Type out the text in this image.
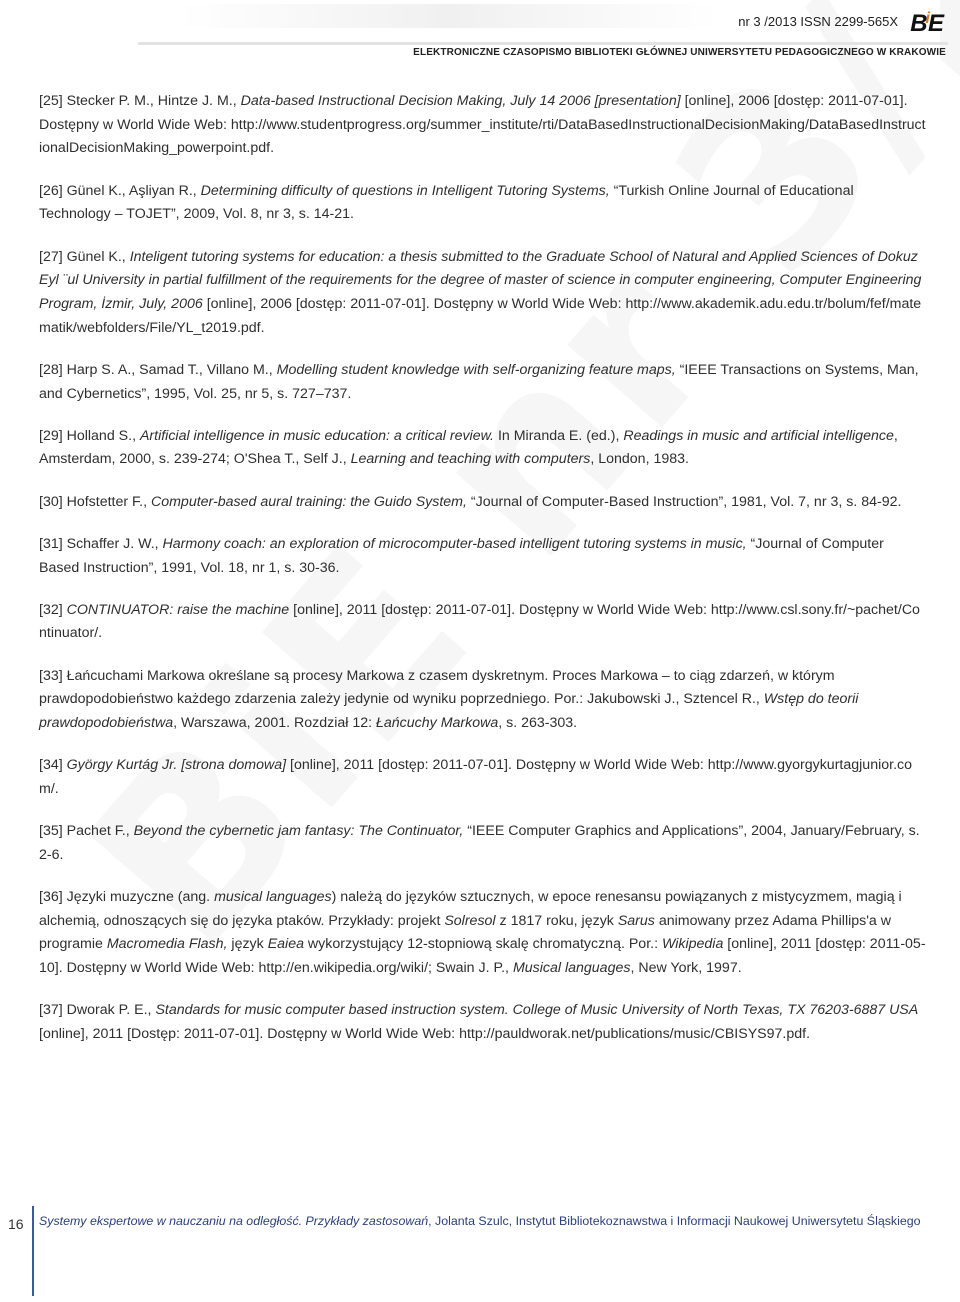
nr 3 /2013 ISSN 2299-565X $B^iE$
ELEKTRONICZNE CZASOPISMO BIBLIOTEKI GŁÓWNEJ UNIWERSYTETU PEDAGOGICZNEGO W KRAKOWIE

[25] Stecker P. M., Hintze J. M., Data-based Instructional Decision Making, July 14 2006 [presentation] [online], 2006 [dostęp: 2011-07-01]. Dostępny w World Wide Web: http://www.studentprogress.org/summer_institute/rti/DataBasedInstructionalDecisionMaking/DataBasedInstructionalDecisionMaking_powerpoint.pdf.

[26] Günel K., Aşliyan R., Determining difficulty of questions in Intelligent Tutoring Systems, “Turkish Online Journal of Educational Technology – TOJET”, 2009, Vol. 8, nr 3, s. 14-21.

[27] Günel K., Inteligent tutoring systems for education: a thesis submitted to the Graduate School of Natural and Applied Sciences of Dokuz Eyl ¨ul University in partial fulfillment of the requirements for the degree of master of science in computer engineering, Computer Engineering Program, İzmir, July, 2006 [online], 2006 [dostęp: 2011-07-01]. Dostępny w World Wide Web: http://www.akademik.adu.edu.tr/bolum/fef/matematik/webfolders/File/YL_t2019.pdf.

[28] Harp S. A., Samad T., Villano M., Modelling student knowledge with self-organizing feature maps, “IEEE Transactions on Systems, Man, and Cybernetics”, 1995, Vol. 25, nr 5, s. 727–737.

[29] Holland S., Artificial intelligence in music education: a critical review. In Miranda E. (ed.), Readings in music and artificial intelligence, Amsterdam, 2000, s. 239-274; O'Shea T., Self J., Learning and teaching with computers, London, 1983.

[30] Hofstetter F., Computer-based aural training: the Guido System, “Journal of Computer-Based Instruction”, 1981, Vol. 7, nr 3, s. 84-92.

[31] Schaffer J. W., Harmony coach: an exploration of microcomputer-based intelligent tutoring systems in music, “Journal of Computer Based Instruction”, 1991, Vol. 18, nr 1, s. 30-36.

[32] CONTINUATOR: raise the machine [online], 2011 [dostęp: 2011-07-01]. Dostępny w World Wide Web: http://www.csl.sony.fr/~pachet/Continuator/.

[33] Łańcuchami Markowa określane są procesy Markowa z czasem dyskretnym. Proces Markowa – to ciąg zdarzeń, w którym prawdopodobieństwo każdego zdarzenia zależy jedynie od wyniku poprzedniego. Por.: Jakubowski J., Sztencel R., Wstęp do teorii prawdopodobieństwa, Warszawa, 2001. Rozdział 12: Łańcuchy Markowa, s. 263-303.

[34] György Kurtág Jr. [strona domowa] [online], 2011 [dostęp: 2011-07-01]. Dostępny w World Wide Web: http://www.gyorgykurtagjunior.com/.

[35] Pachet F., Beyond the cybernetic jam fantasy: The Continuator, “IEEE Computer Graphics and Applications”, 2004, January/February, s. 2-6.

[36] Języki muzyczne (ang. musical languages) należą do języków sztucznych, w epoce renesansu powiązanych z mistycyzmem, magią i alchemią, odnoszących się do języka ptaków. Przykłady: projekt Solresol z 1817 roku, język Sarus animowany przez Adama Phillips'a w programie Macromedia Flash, język Eaiea wykorzystujący 12-stopniową skalę chromatyczną. Por.: Wikipedia [online], 2011 [dostęp: 2011-05-10]. Dostępny w World Wide Web: http://en.wikipedia.org/wiki/; Swain J. P., Musical languages, New York, 1997.

[37] Dworak P. E., Standards for music computer based instruction system. College of Music University of North Texas, TX 76203-6887 USA [online], 2011 [Dostęp: 2011-07-01]. Dostępny w World Wide Web: http://pauldworak.net/publications/music/CBISYS97.pdf.

16 Systemy ekspertowe w nauczaniu na odległość. Przykłady zastosowań, Jolanta Szulc, Instytut Bibliotekoznawstwa i Informacji Naukowej Uniwersytetu Śląskiego
